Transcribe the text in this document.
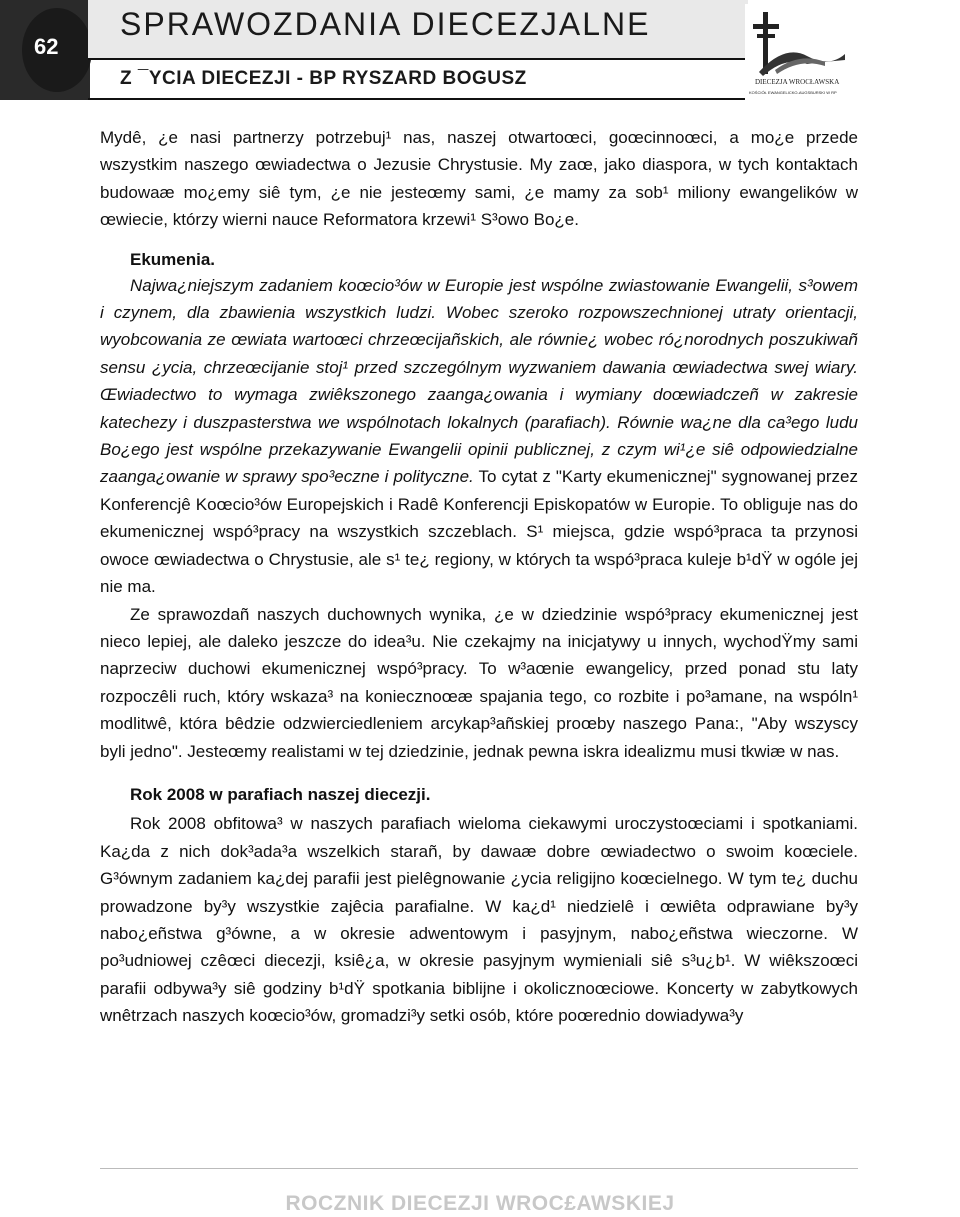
62
SPRAWOZDANIA DIECEZJALNE
Z ¯YCIA DIECEZJI - BP RYSZARD BOGUSZ	DIECEZJA WROCŁAWSKA
KOŚCIÓŁ EWANGELICKO-AUGSBURSKI W RP

Mydê, ¿e nasi partnerzy potrzebuj¹ nas, naszej otwartoœci, goœcinnoœci, a mo¿e przede wszystkim naszego œwiadectwa o Jezusie Chrystusie. My zaœ, jako diaspora, w tych kontaktach budowaæ mo¿emy siê tym, ¿e nie jesteœmy sami, ¿e mamy za sob¹ miliony ewangelików w œwiecie, którzy wierni nauce Reformatora krzewi¹ S³owo Bo¿e.

Ekumenia.

Najwa¿niejszym zadaniem koœcio³ów w Europie jest wspólne zwiastowanie Ewangelii, s³owem i czynem, dla zbawienia wszystkich ludzi. Wobec szeroko rozpowszechnionej utraty orientacji, wyobcowania ze œwiata wartoœci chrzeœcijañskich, ale równie¿ wobec ró¿norodnych poszukiwañ sensu ¿ycia, chrzeœcijanie stoj¹ przed szczególnym wyzwaniem dawania œwiadectwa swej wiary. Œwiadectwo to wymaga zwiêkszonego zaanga¿owania i wymiany doœwiadczeñ w zakresie katechezy i duszpasterstwa we wspólnotach lokalnych (parafiach). Równie wa¿ne dla ca³ego ludu Bo¿ego jest wspólne przekazywanie Ewangelii opinii publicznej, z czym wi¹¿e siê odpowiedzialne zaanga¿owanie w sprawy spo³eczne i polityczne. To cytat z "Karty ekumenicznej" sygnowanej przez Konferencjê Koœcio³ów Europejskich i Radê Konferencji Episkopatów w Europie. To obliguje nas do ekumenicznej wspó³pracy na wszystkich szczeblach. S¹ miejsca, gdzie wspó³praca ta przynosi owoce œwiadectwa o Chrystusie, ale s¹ te¿ regiony, w których ta wspó³praca kuleje b¹dŸ w ogóle jej nie ma.

Ze sprawozdañ naszych duchownych wynika, ¿e w dziedzinie wspó³pracy ekumenicznej jest nieco lepiej, ale daleko jeszcze do idea³u. Nie czekajmy na inicjatywy u innych, wychodŸmy sami naprzeciw duchowi ekumenicznej wspó³pracy. To w³aœnie ewangelicy, przed ponad stu laty rozpoczêli ruch, który wskaza³ na koniecznoœæ spajania tego, co rozbite i po³amane, na wspóln¹ modlitwê, która bêdzie odzwierciedleniem arcykap³añskiej proœby naszego Pana:, "Aby wszyscy byli jedno". Jesteœmy realistami w tej dziedzinie, jednak pewna iskra idealizmu musi tkwiæ w nas.

Rok 2008 w parafiach naszej diecezji.

Rok 2008 obfitowa³ w naszych parafiach wieloma ciekawymi uroczystoœciami i spotkaniami. Ka¿da z nich dok³ada³a wszelkich starañ, by dawaæ dobre œwiadectwo o swoim koœciele. G³ównym zadaniem ka¿dej parafii jest pielêgnowanie ¿ycia religijno koœcielnego. W tym te¿ duchu prowadzone by³y wszystkie zajêcia parafialne. W ka¿d¹ niedzielê i œwiêta odprawiane by³y nabo¿eñstwa g³ówne, a w okresie adwentowym i pasyjnym, nabo¿eñstwa wieczorne. W po³udniowej czêœci diecezji, ksiê¿a, w okresie pasyjnym wymieniali siê s³u¿b¹. W wiêkszoœci parafii odbywa³y siê godziny b¹dŸ spotkania biblijne i okolicznoœciowe. Koncerty w zabytkowych wnêtrzach naszych koœcio³ów, gromadzi³y setki osób, które poœrednio dowiadywa³y

ROCZNIK DIECEZJI WROC£AWSKIEJ
